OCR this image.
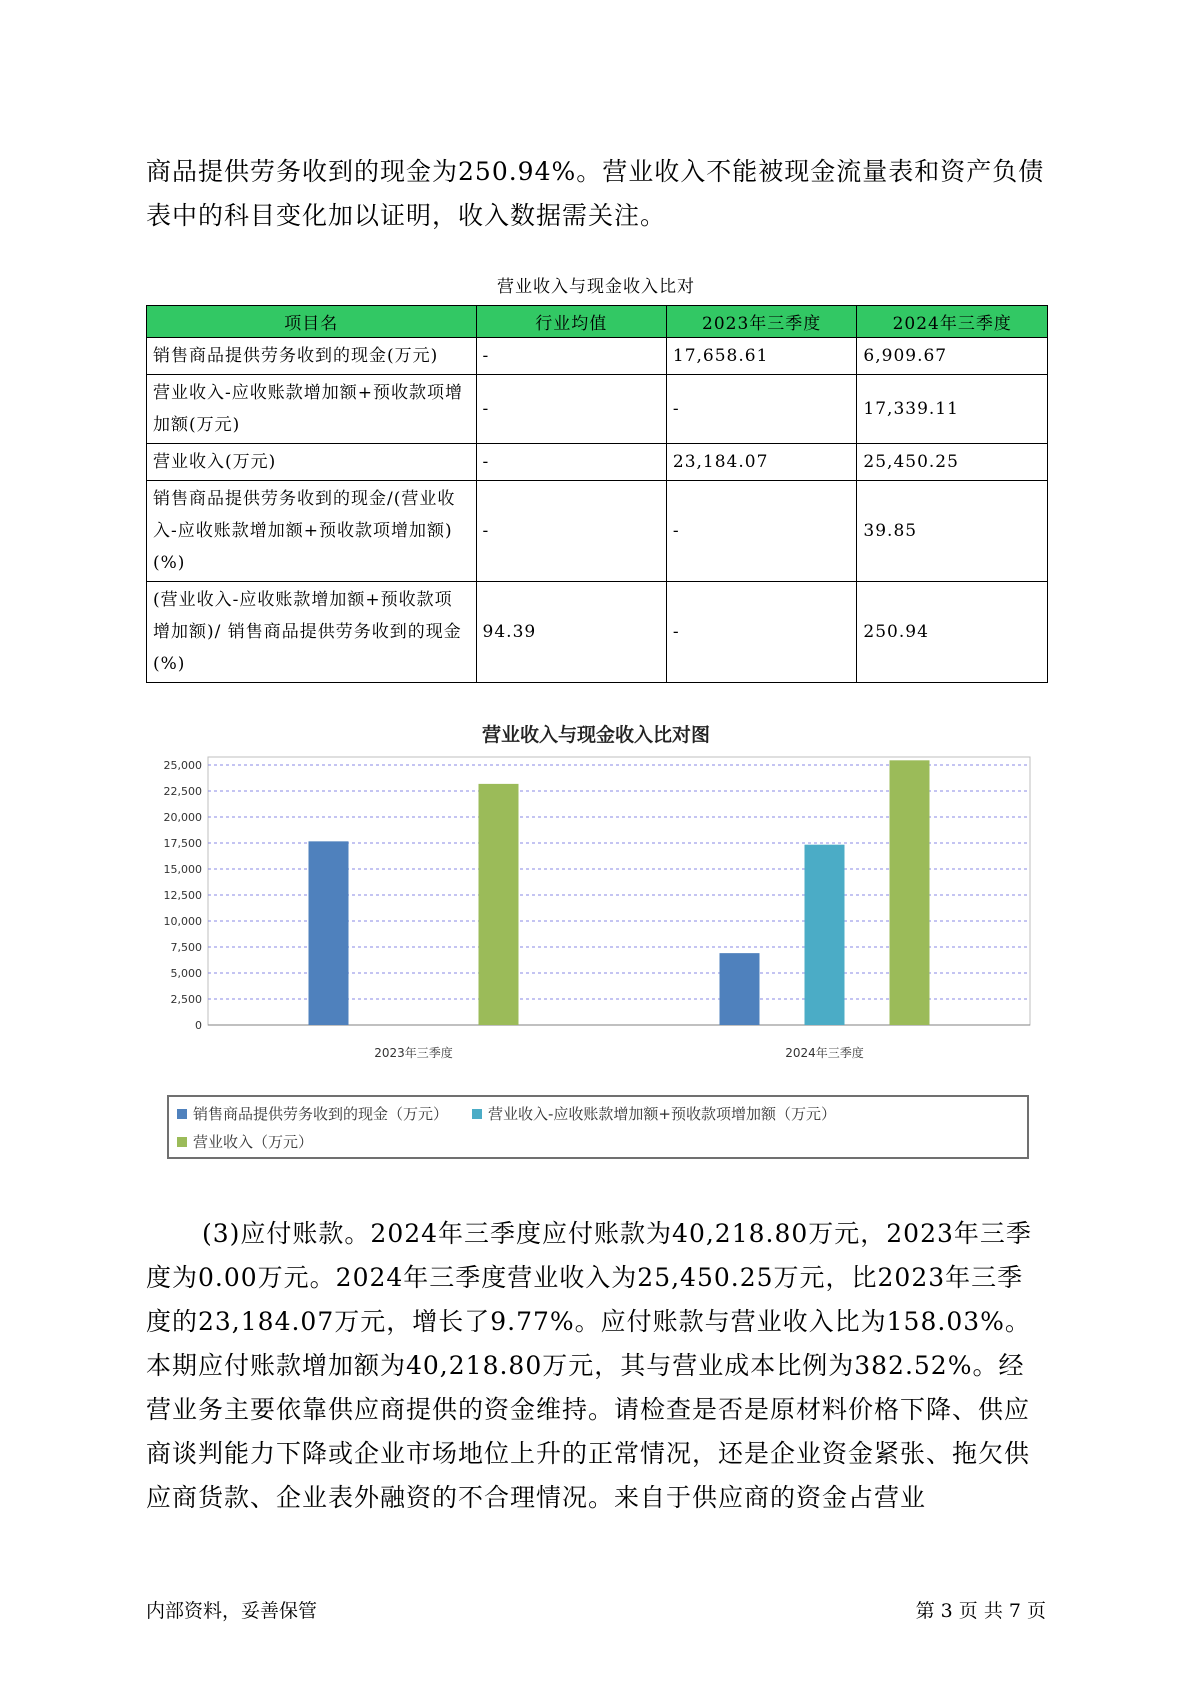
商品提供劳务收到的现金为250.94%。营业收入不能被现金流量表和资产负债表中的科目变化加以证明，收入数据需关注。

营业收入与现金收入比对
项目名	行业均值	2023年三季度	2024年三季度
销售商品提供劳务收到的现金(万元)	-	17,658.61	6,909.67
营业收入-应收账款增加额+预收款项增加额(万元)	-	-	17,339.11
营业收入(万元)	-	23,184.07	25,450.25
销售商品提供劳务收到的现金/(营业收入-应收账款增加额+预收款项增加额)(%)	-	-	39.85
(营业收入-应收账款增加额+预收款项增加额)/ 销售商品提供劳务收到的现金(%)	94.39	-	250.94
营业收入与现金收入比对图
0
2,500
5,000
7,500
10,000
12,500
15,000
17,500
20,000
22,500
25,000
2023年三季度	2024年三季度
销售商品提供劳务收到的现金（万元）	营业收入-应收账款增加额+预收款项增加额（万元）
营业收入（万元）

(3)应付账款。2024年三季度应付账款为40,218.80万元，2023年三季度为0.00万元。2024年三季度营业收入为25,450.25万元，比2023年三季度的23,184.07万元，增长了9.77%。应付账款与营业收入比为158.03%。本期应付账款增加额为40,218.80万元，其与营业成本比例为382.52%。经营业务主要依靠供应商提供的资金维持。请检查是否是原材料价格下降、供应商谈判能力下降或企业市场地位上升的正常情况，还是企业资金紧张、拖欠供应商货款、企业表外融资的不合理情况。来自于供应商的资金占营业

内部资料，妥善保管	第 3 页 共 7 页
